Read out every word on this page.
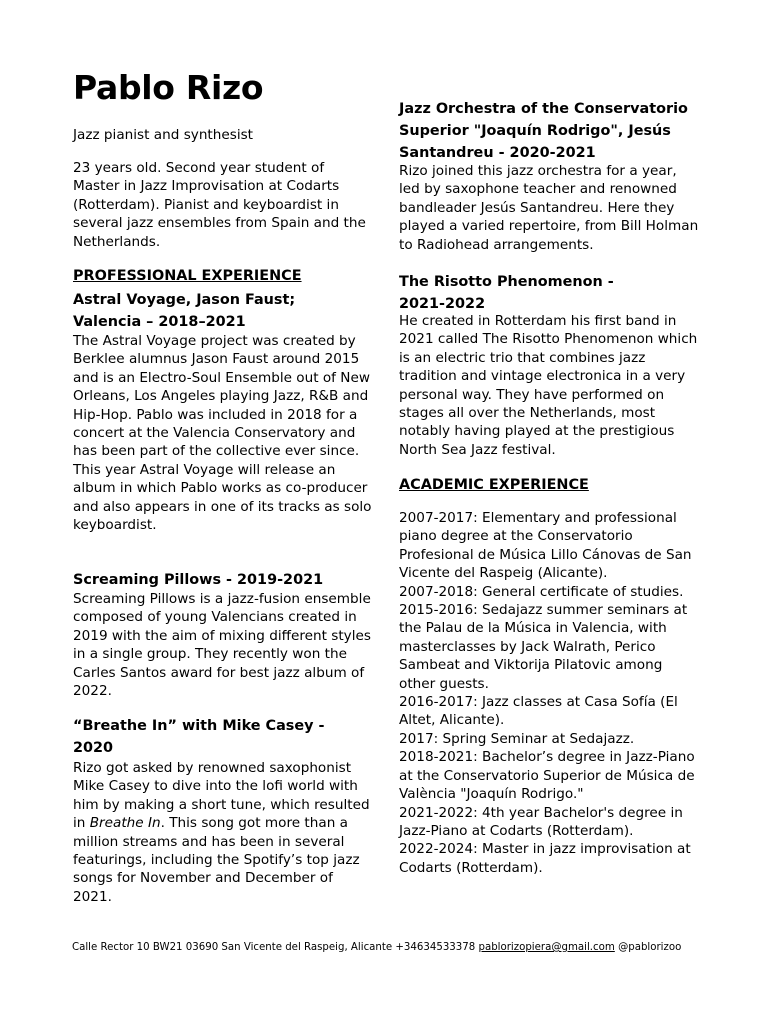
Pablo Rizo

Jazz pianist and synthesist

23 years old. Second year student of Master in Jazz Improvisation at Codarts (Rotterdam). Pianist and keyboardist in several jazz ensembles from Spain and the Netherlands.

PROFESSIONAL EXPERIENCE

Astral Voyage, Jason Faust; Valencia – 2018–2021

The Astral Voyage project was created by Berklee alumnus Jason Faust around 2015 and is an Electro-Soul Ensemble out of New Orleans, Los Angeles playing Jazz, R&B and Hip-Hop. Pablo was included in 2018 for a concert at the Valencia Conservatory and has been part of the collective ever since. This year Astral Voyage will release an album in which Pablo works as co-producer and also appears in one of its tracks as solo keyboardist.

Screaming Pillows - 2019-2021

Screaming Pillows is a jazz-fusion ensemble composed of young Valencians created in 2019 with the aim of mixing different styles in a single group. They recently won the Carles Santos award for best jazz album of 2022.

“Breathe In” with Mike Casey - 2020

Rizo got asked by renowned saxophonist Mike Casey to dive into the lofi world with him by making a short tune, which resulted in Breathe In. This song got more than a million streams and has been in several featurings, including the Spotify’s top jazz songs for November and December of 2021.

Jazz Orchestra of the Conservatorio Superior "Joaquín Rodrigo", Jesús Santandreu - 2020-2021

Rizo joined this jazz orchestra for a year, led by saxophone teacher and renowned bandleader Jesús Santandreu. Here they played a varied repertoire, from Bill Holman to Radiohead arrangements.

The Risotto Phenomenon - 2021-2022

He created in Rotterdam his first band in 2021 called The Risotto Phenomenon which is an electric trio that combines jazz tradition and vintage electronica in a very personal way. They have performed on stages all over the Netherlands, most notably having played at the prestigious North Sea Jazz festival.

ACADEMIC EXPERIENCE

2007-2017: Elementary and professional piano degree at the Conservatorio Profesional de Música Lillo Cánovas de San Vicente del Raspeig (Alicante).

2007-2018: General certificate of studies.

2015-2016: Sedajazz summer seminars at the Palau de la Música in Valencia, with masterclasses by Jack Walrath, Perico Sambeat and Viktorija Pilatovic among other guests.

2016-2017: Jazz classes at Casa Sofía (El Altet, Alicante).

2017: Spring Seminar at Sedajazz.

2018-2021: Bachelor’s degree in Jazz-Piano at the Conservatorio Superior de Música de València "Joaquín Rodrigo."

2021-2022: 4th year Bachelor's degree in Jazz-Piano at Codarts (Rotterdam).

2022-2024: Master in jazz improvisation at Codarts (Rotterdam).

Calle Rector 10 BW21 03690 San Vicente del Raspeig, Alicante +34634533378 pablorizopiera@gmail.com @pablorizoo
